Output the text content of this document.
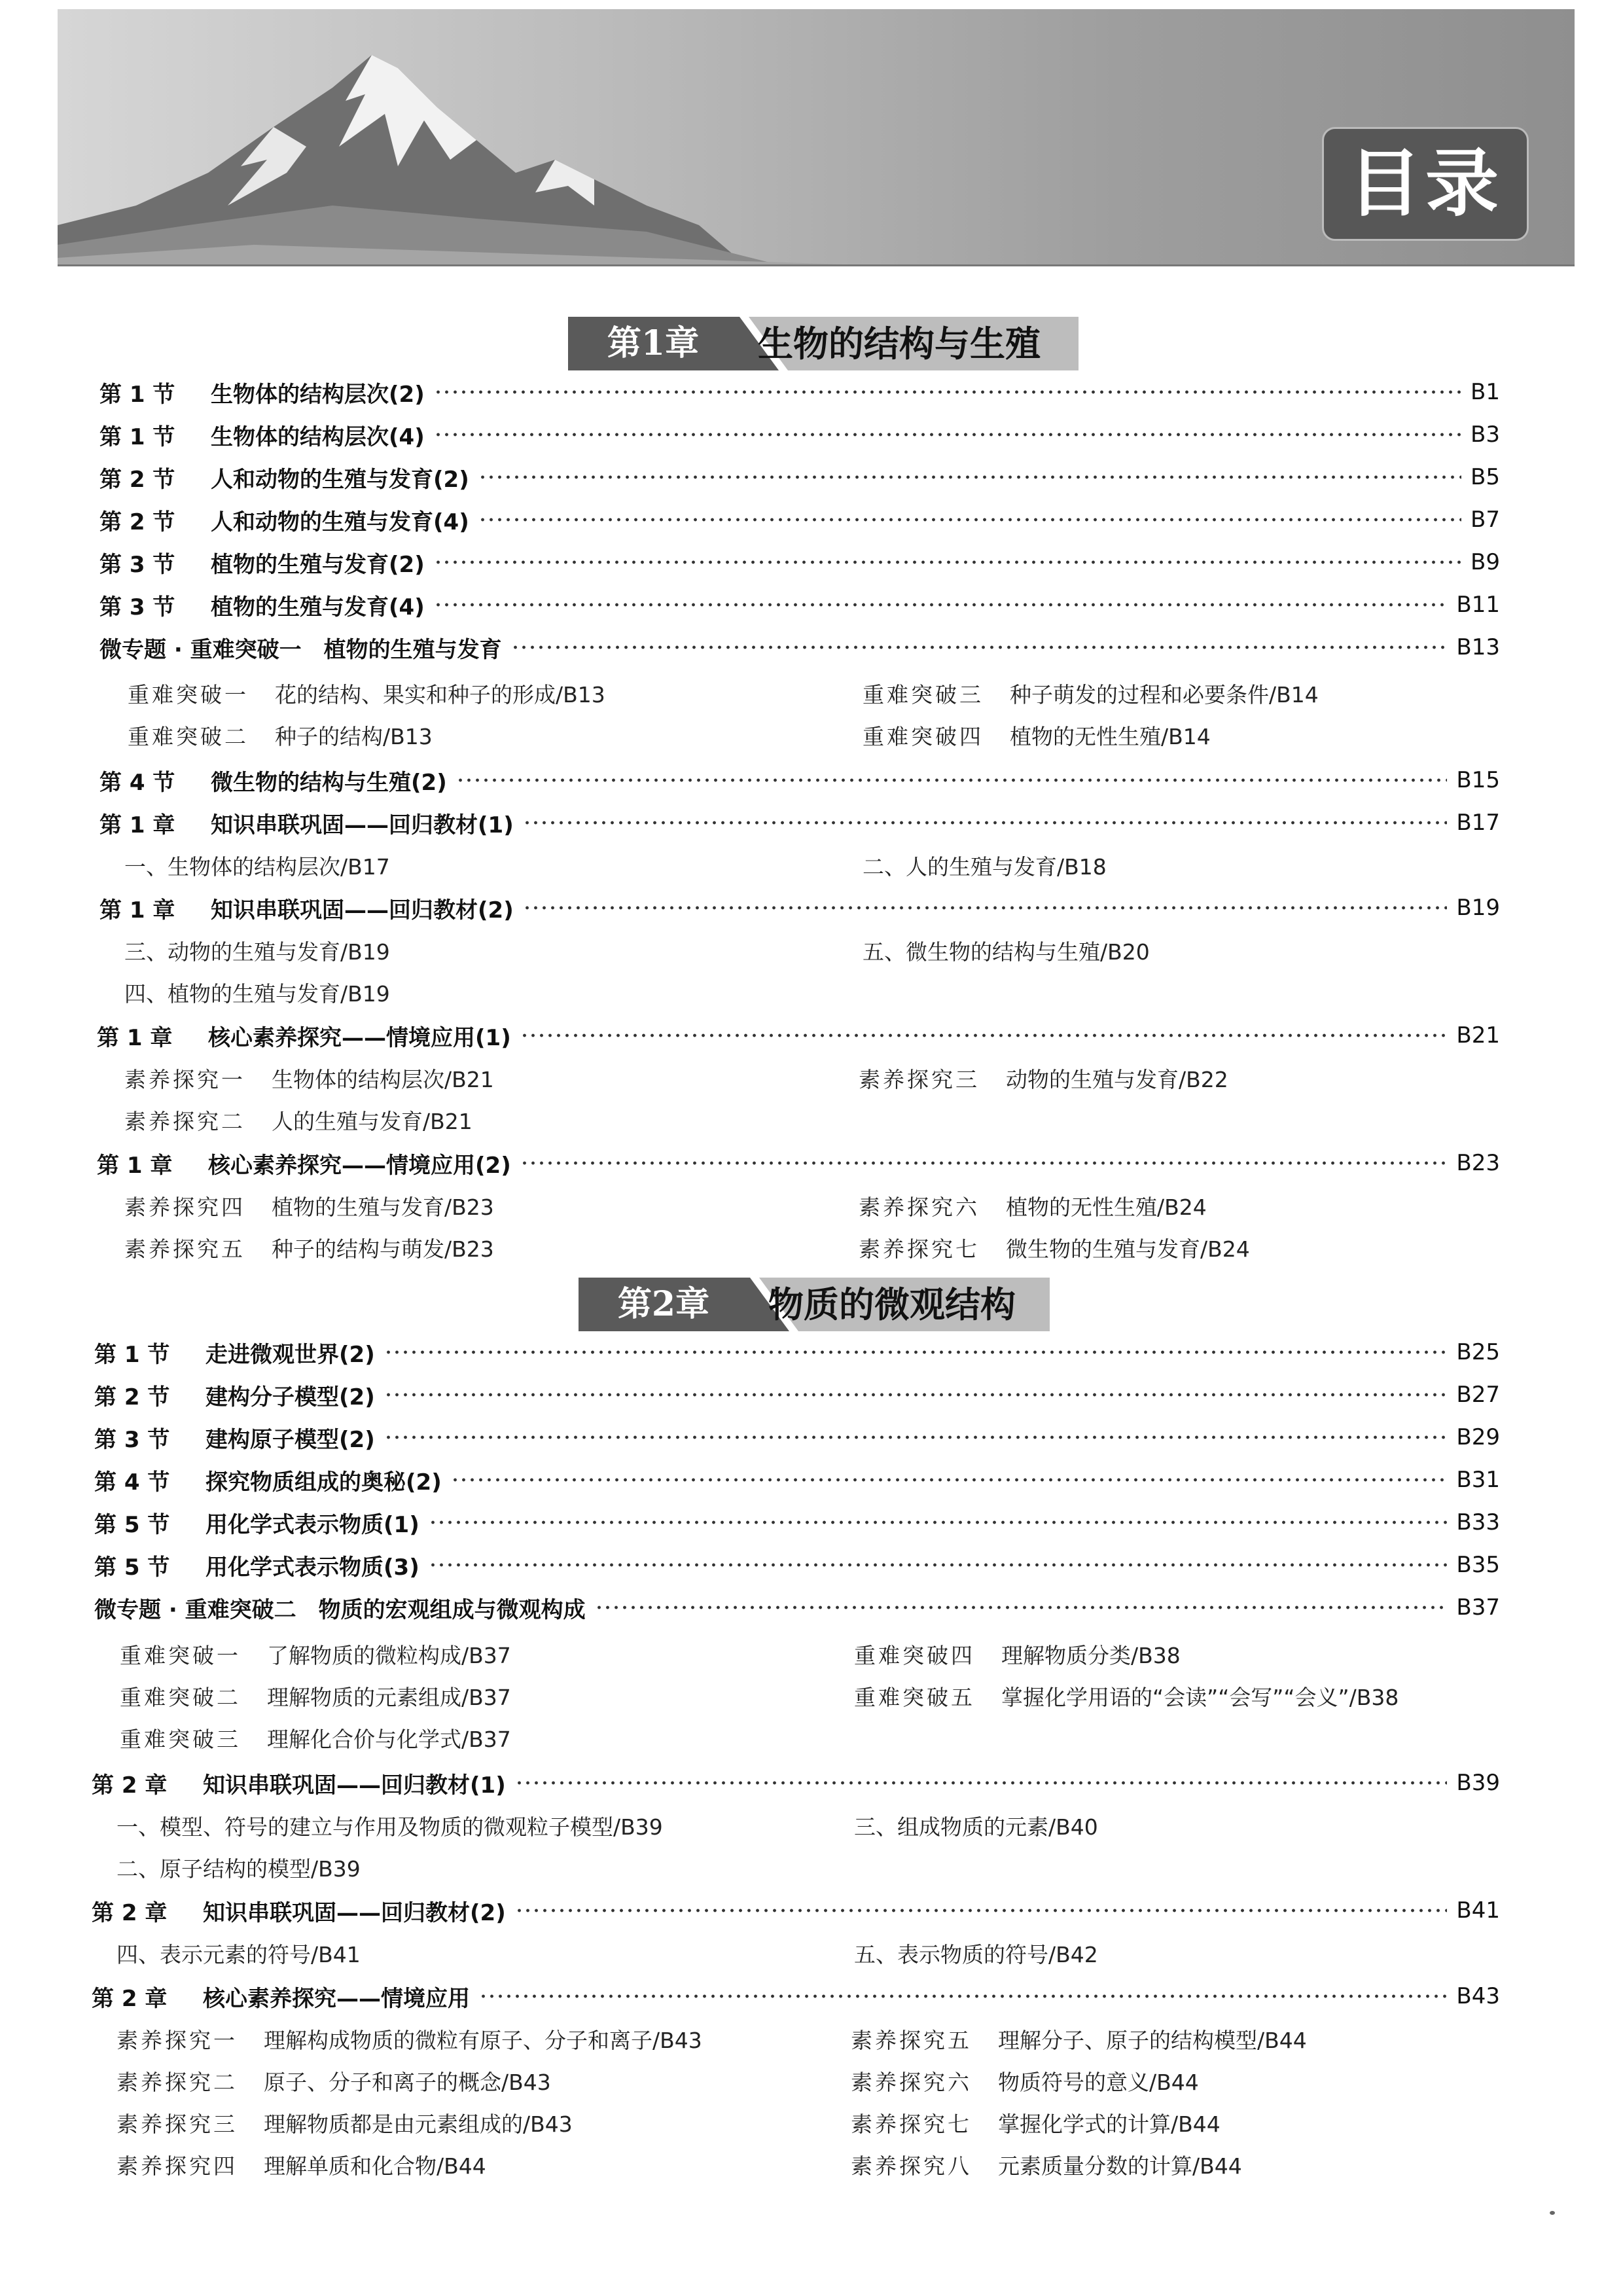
目录
第1章	生物的结构与生殖
第 1 节	生物体的结构层次(2)	B1
第 1 节	生物体的结构层次(4)	B3
第 2 节	人和动物的生殖与发育(2)	B5
第 2 节	人和动物的生殖与发育(4)	B7
第 3 节	植物的生殖与发育(2)	B9
第 3 节	植物的生殖与发育(4)	B11
微专题 · 重难突破一　植物的生殖与发育	B13
重难突破一 花的结构、果实和种子的形成/B13	重难突破三 种子萌发的过程和必要条件/B14
重难突破二 种子的结构/B13	重难突破四 植物的无性生殖/B14
第 4 节	微生物的结构与生殖(2)	B15
第 1 章	知识串联巩固——回归教材(1)	B17
一、生物体的结构层次/B17	二、人的生殖与发育/B18
第 1 章	知识串联巩固——回归教材(2)	B19
三、动物的生殖与发育/B19	五、微生物的结构与生殖/B20
四、植物的生殖与发育/B19
第 1 章	核心素养探究——情境应用(1)	B21
素养探究一 生物体的结构层次/B21	素养探究三 动物的生殖与发育/B22
素养探究二 人的生殖与发育/B21
第 1 章	核心素养探究——情境应用(2)	B23
素养探究四 植物的生殖与发育/B23	素养探究六 植物的无性生殖/B24
素养探究五 种子的结构与萌发/B23	素养探究七 微生物的生殖与发育/B24
第2章	物质的微观结构
第 1 节	走进微观世界(2)	B25
第 2 节	建构分子模型(2)	B27
第 3 节	建构原子模型(2)	B29
第 4 节	探究物质组成的奥秘(2)	B31
第 5 节	用化学式表示物质(1)	B33
第 5 节	用化学式表示物质(3)	B35
微专题 · 重难突破二　物质的宏观组成与微观构成	B37
重难突破一 了解物质的微粒构成/B37	重难突破四 理解物质分类/B38
重难突破二 理解物质的元素组成/B37	重难突破五 掌握化学用语的“会读”“会写”“会义”/B38
重难突破三 理解化合价与化学式/B37
第 2 章	知识串联巩固——回归教材(1)	B39
一、模型、符号的建立与作用及物质的微观粒子模型/B39	三、组成物质的元素/B40
二、原子结构的模型/B39
第 2 章	知识串联巩固——回归教材(2)	B41
四、表示元素的符号/B41	五、表示物质的符号/B42
第 2 章	核心素养探究——情境应用	B43
素养探究一 理解构成物质的微粒有原子、分子和离子/B43	素养探究五 理解分子、原子的结构模型/B44
素养探究二 原子、分子和离子的概念/B43	素养探究六 物质符号的意义/B44
素养探究三 理解物质都是由元素组成的/B43	素养探究七 掌握化学式的计算/B44
素养探究四 理解单质和化合物/B44	素养探究八 元素质量分数的计算/B44
